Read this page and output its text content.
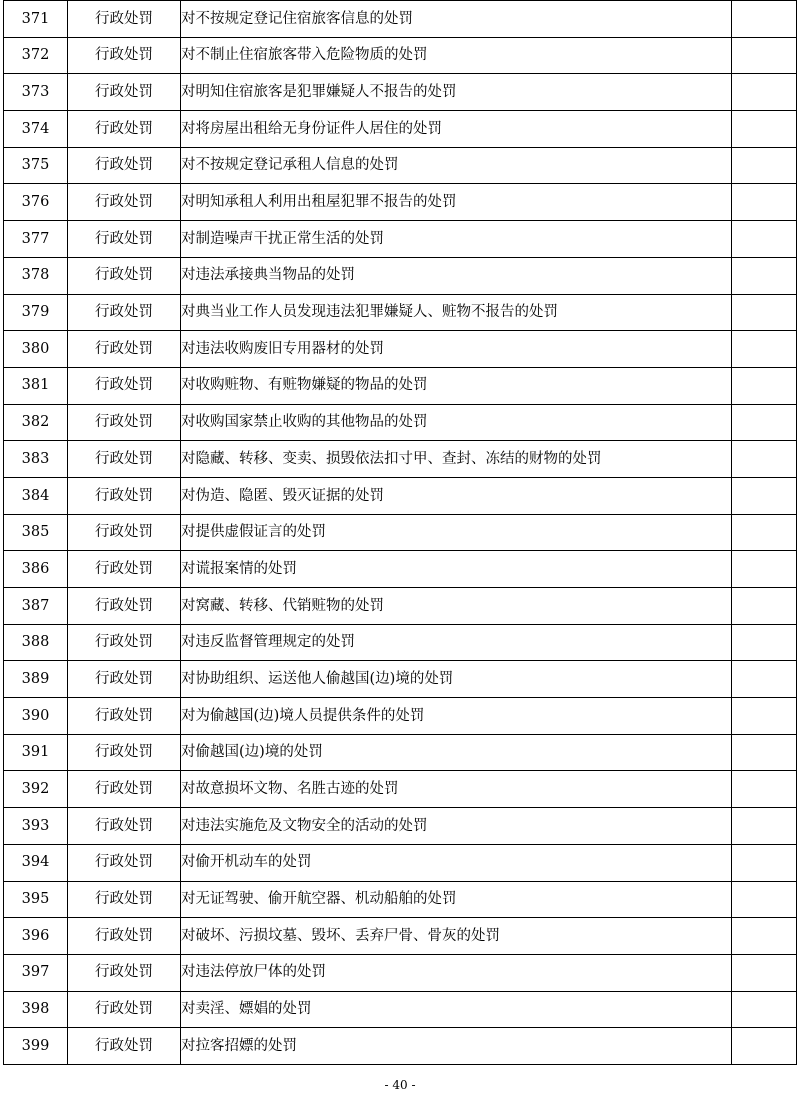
371	行政处罚	对不按规定登记住宿旅客信息的处罚	
372	行政处罚	对不制止住宿旅客带入危险物质的处罚	
373	行政处罚	对明知住宿旅客是犯罪嫌疑人不报告的处罚	
374	行政处罚	对将房屋出租给无身份证件人居住的处罚	
375	行政处罚	对不按规定登记承租人信息的处罚	
376	行政处罚	对明知承租人利用出租屋犯罪不报告的处罚	
377	行政处罚	对制造噪声干扰正常生活的处罚	
378	行政处罚	对违法承接典当物品的处罚	
379	行政处罚	对典当业工作人员发现违法犯罪嫌疑人、赃物不报告的处罚	
380	行政处罚	对违法收购废旧专用器材的处罚	
381	行政处罚	对收购赃物、有赃物嫌疑的物品的处罚	
382	行政处罚	对收购国家禁止收购的其他物品的处罚	
383	行政处罚	对隐藏、转移、变卖、损毁依法扣寸甲、查封、冻结的财物的处罚	
384	行政处罚	对伪造、隐匿、毁灭证据的处罚	
385	行政处罚	对提供虚假证言的处罚	
386	行政处罚	对谎报案情的处罚	
387	行政处罚	对窝藏、转移、代销赃物的处罚	
388	行政处罚	对违反监督管理规定的处罚	
389	行政处罚	对协助组织、运送他人偷越国(边)境的处罚	
390	行政处罚	对为偷越国(边)境人员提供条件的处罚	
391	行政处罚	对偷越国(边)境的处罚	
392	行政处罚	对故意损坏文物、名胜古迹的处罚	
393	行政处罚	对违法实施危及文物安全的活动的处罚	
394	行政处罚	对偷开机动车的处罚	
395	行政处罚	对无证驾驶、偷开航空器、机动船舶的处罚	
396	行政处罚	对破坏、污损坟墓、毁坏、丢弃尸骨、骨灰的处罚	
397	行政处罚	对违法停放尸体的处罚	
398	行政处罚	对卖淫、嫖娼的处罚	
399	行政处罚	对拉客招嫖的处罚	
- 40 -
